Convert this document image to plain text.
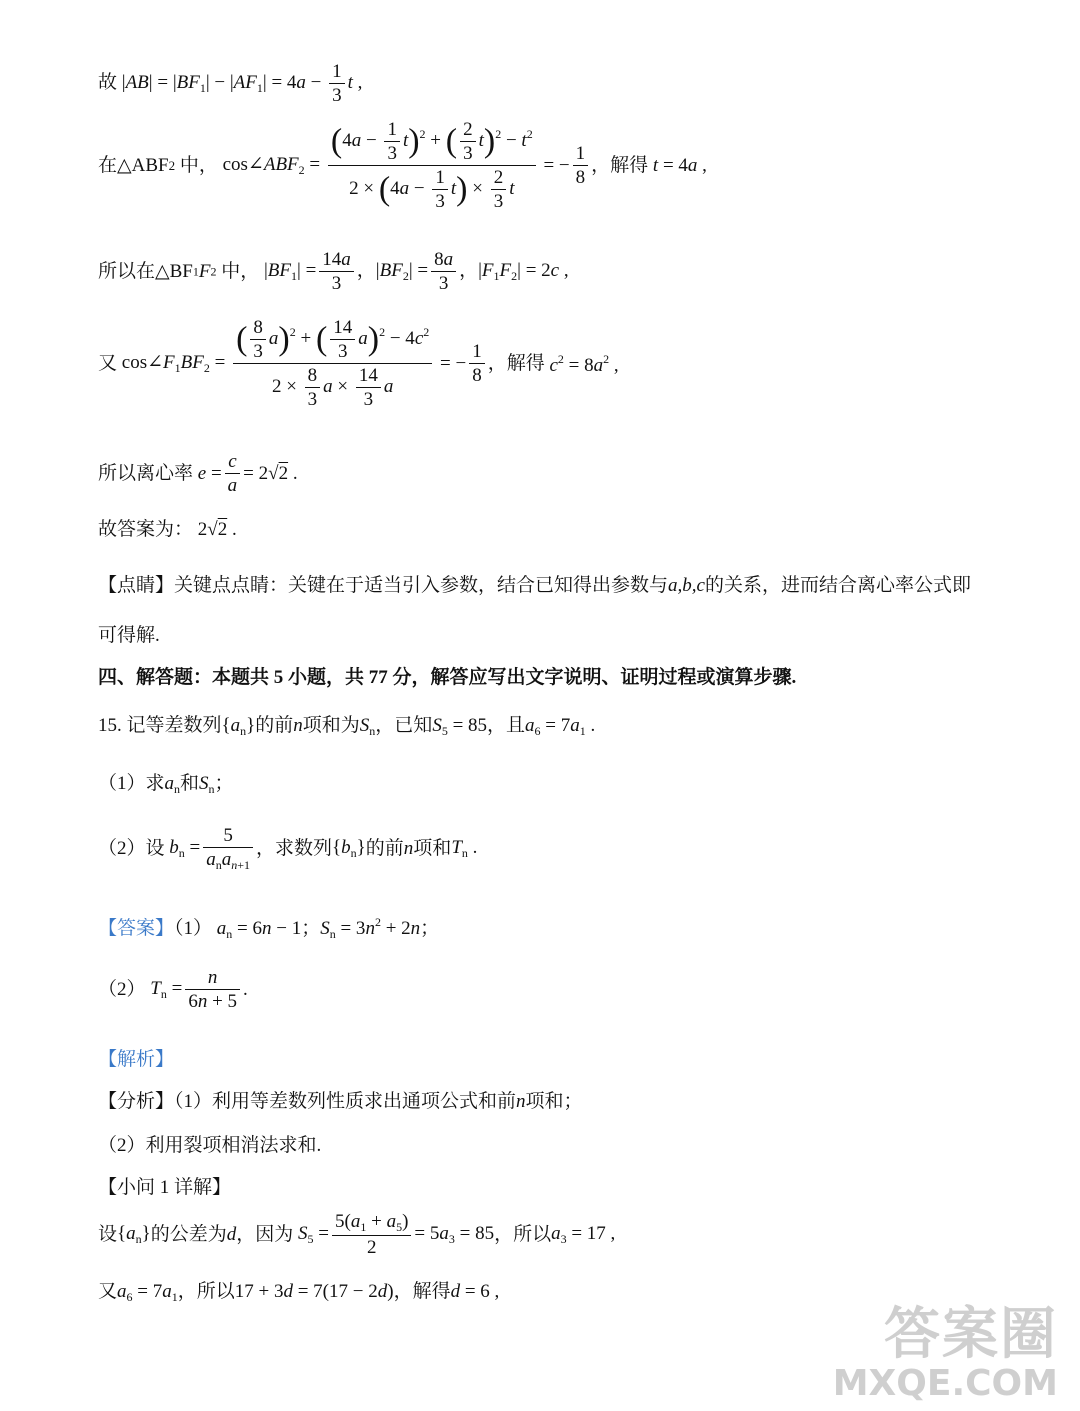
故 $|AB| = |BF_1| - |AF_1| = 4a - \frac{1}{3}$ t ,
在△ABF2 中， $\cos\angle ABF_2 = \frac{(4a - \frac{1}{3} t)^2 + ( \frac{2}{3} t)^2 - t^2}{2 \times (4a - \frac{1}{3} t) \times \frac{2}{3} t}$ = − $\frac{1}{8}$ ，解得 t = 4a ,
所以在△BF1F2 中， $|BF_1| = \frac{14a}{3}$ ，$|BF_2| = \frac{8a}{3}$ ，$|F_1F_2| = 2c$ ,
又 $\cos\angle F_1BF_2 = \frac{( \frac{8}{3} a)^2 + ( \frac{14}{3} a)^2 - 4c^2}{2 \times \frac{8}{3} a \times \frac{14}{3} a}$ = − $\frac{1}{8}$ ，解得 $c^2 = 8a^2$ ,
所以离心率 $e = \frac{c}{a} = 2√2$ .
故答案为： 2√2 .
【点睛】关键点点睛：关键在于适当引入参数，结合已知得出参数与a,b,c的关系，进而结合离心率公式即
可得解.
四、解答题：本题共 5 小题，共 77 分，解答应写出文字说明、证明过程或演算步骤.
15. 记等差数列$\{a_n\}$的前n项和为$S_n$，已知$S_5 = 85$，且$a_6 = 7a_1$ .
（1）求$a_n$和$S_n$；
（2）设 $b_n = \frac{5}{a_na_{n+1}}$ ，求数列$\{b_n\}$的前n项和$T_n$ .
【答案】（1） $a_n = 6n - 1$；$S_n = 3n^2 + 2n$；
（2） $T_n = \frac{n}{6n + 5}$ .
【解析】
【分析】（1）利用等差数列性质求出通项公式和前n项和；
（2）利用裂项相消法求和.
【小问 1 详解】
设$\{a_n\}$的公差为d，因为 $S_5 = \frac{5(a_1 + a_5)}{2} = 5a_3 = 85$，所以$a_3 = 17$ ,
又$a_6 = 7a_1$，所以17 + 3d = 7(17 − 2d)，解得d = 6 ,
答案圈
MXQE.COM
